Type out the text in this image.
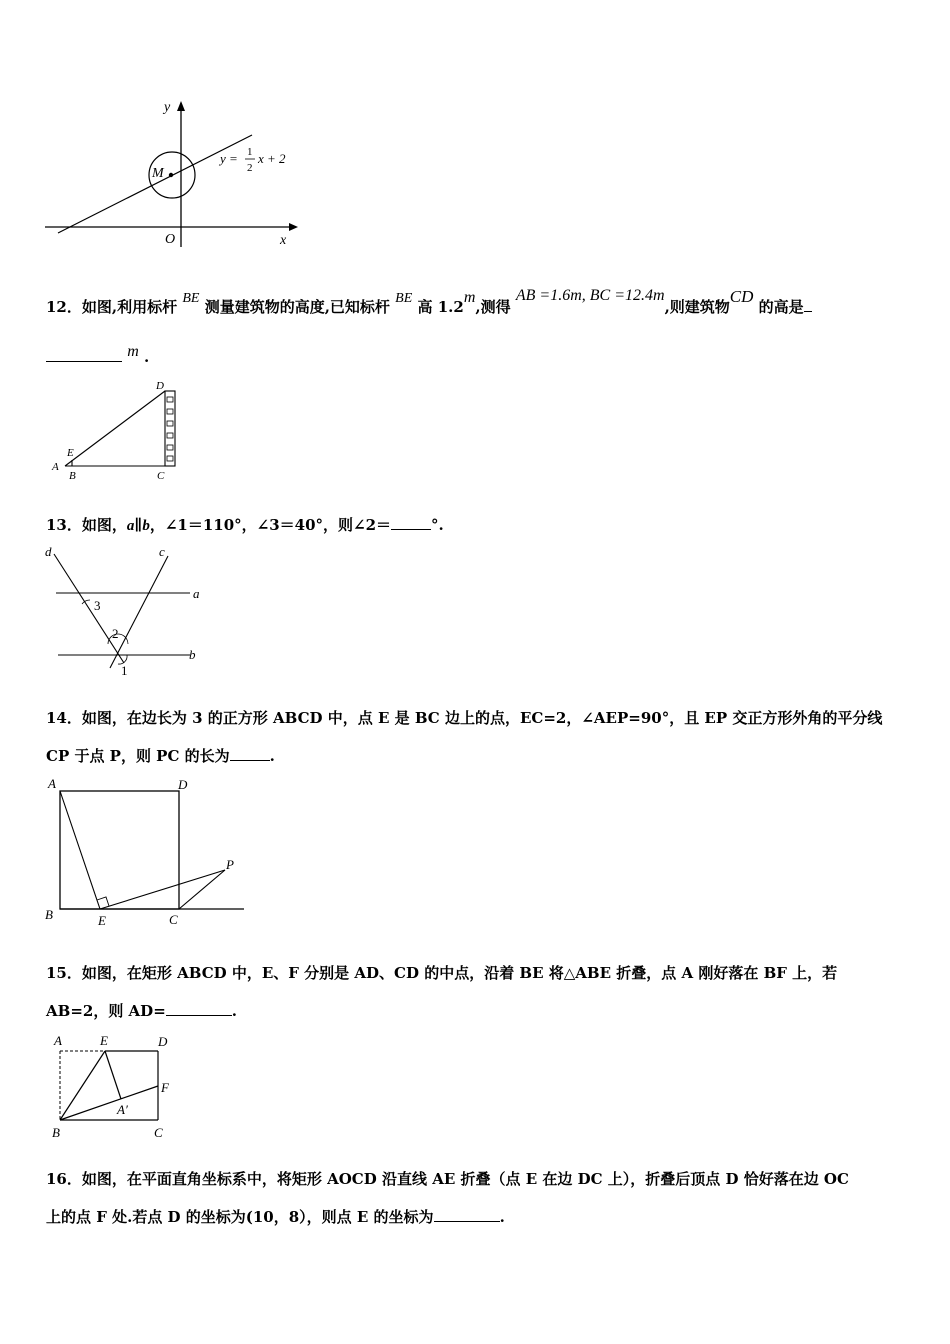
y
x
O
M
y = 1
2
x + 2
12．如图,利用标杆 BE 测量建筑物的高度,已知标杆 BE 高 1.2m,测得 AB =1.6m, BC =12.4m,则建筑物CD 的高是
m .
A
E
B	C
D
13．如图，a∥b，∠1＝110°，∠3＝40°，则∠2＝	°.
d	c
a
b
3
2
1
14．如图，在边长为 3 的正方形 ABCD 中，点 E 是 BC 边上的点，EC=2，∠AEP=90°，且 EP 交正方形外角的平分线
CP 于点 P，则 PC 的长为	.
A	D
B	E	C
P
15．如图，在矩形 ABCD 中，E、F 分别是 AD、CD 的中点，沿着 BE 将△ABE 折叠，点 A 刚好落在 BF 上，若
AB=2，则 AD=	.
A	E	D
F
A′
B	C
16．如图，在平面直角坐标系中，将矩形 AOCD 沿直线 AE 折叠（点 E 在边 DC 上），折叠后顶点 D 恰好落在边 OC
上的点 F 处.若点 D 的坐标为(10，8），则点 E 的坐标为	.
